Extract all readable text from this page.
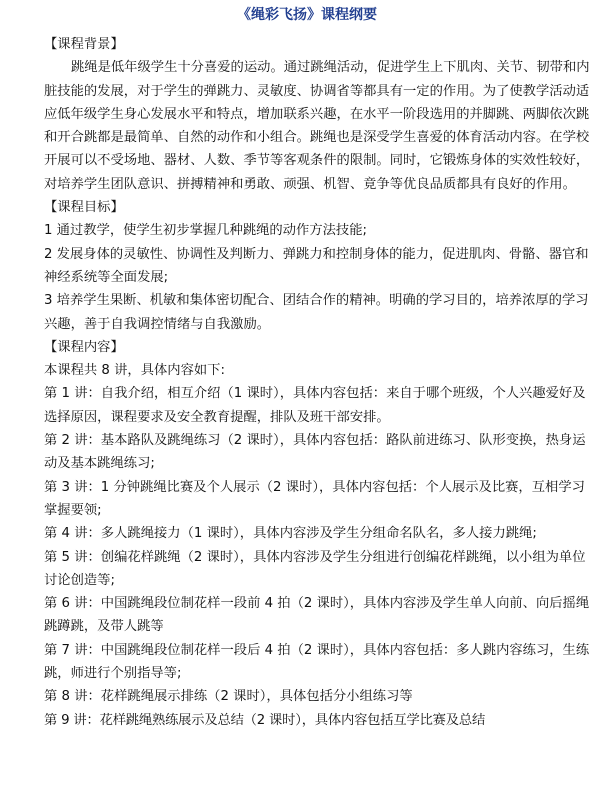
《绳彩飞扬》课程纲要

【课程背景】

跳绳是低年级学生十分喜爱的运动。通过跳绳活动，促进学生上下肌肉、关节、韧带和内脏技能的发展，对于学生的弹跳力、灵敏度、协调省等都具有一定的作用。为了使教学活动适应低年级学生身心发展水平和特点，增加联系兴趣，在水平一阶段选用的并脚跳、两脚依次跳和开合跳都是最简单、自然的动作和小组合。跳绳也是深受学生喜爱的体育活动内容。在学校开展可以不受场地、器材、人数、季节等客观条件的限制。同时，它锻炼身体的实效性较好，对培养学生团队意识、拼搏精神和勇敢、顽强、机智、竟争等优良品质都具有良好的作用。

【课程目标】

1 通过教学，使学生初步掌握几种跳绳的动作方法技能;

2 发展身体的灵敏性、协调性及判断力、弹跳力和控制身体的能力，促进肌肉、骨骼、器官和神经系统等全面发展;

3 培养学生果断、机敏和集体密切配合、团结合作的精神。明确的学习目的，培养浓厚的学习兴趣，善于自我调控情绪与自我激励。

【课程内容】

本课程共 8 讲，具体内容如下:

第 1 讲：自我介绍，相互介绍（1 课时），具体内容包括：来自于哪个班级，个人兴趣爱好及选择原因，课程要求及安全教育提醒，排队及班干部安排。

第 2 讲：基本路队及跳绳练习（2 课时），具体内容包括：路队前进练习、队形变换，热身运动及基本跳绳练习;

第 3 讲：1 分钟跳绳比赛及个人展示（2 课时），具体内容包括：个人展示及比赛，互相学习掌握要领;

第 4 讲：多人跳绳接力（1 课时），具体内容涉及学生分组命名队名，多人接力跳绳;

第 5 讲：创编花样跳绳（2 课时），具体内容涉及学生分组进行创编花样跳绳，以小组为单位讨论创造等;

第 6 讲：中国跳绳段位制花样一段前 4 拍（2 课时），具体内容涉及学生单人向前、向后摇绳跳蹲跳，及带人跳等

第 7 讲：中国跳绳段位制花样一段后 4 拍（2 课时），具体内容包括：多人跳内容练习，生练跳，师进行个别指导等;

第 8 讲：花样跳绳展示排练（2 课时），具体包括分小组练习等

第 9 讲：花样跳绳熟练展示及总结（2 课时），具体内容包括互学比赛及总结
